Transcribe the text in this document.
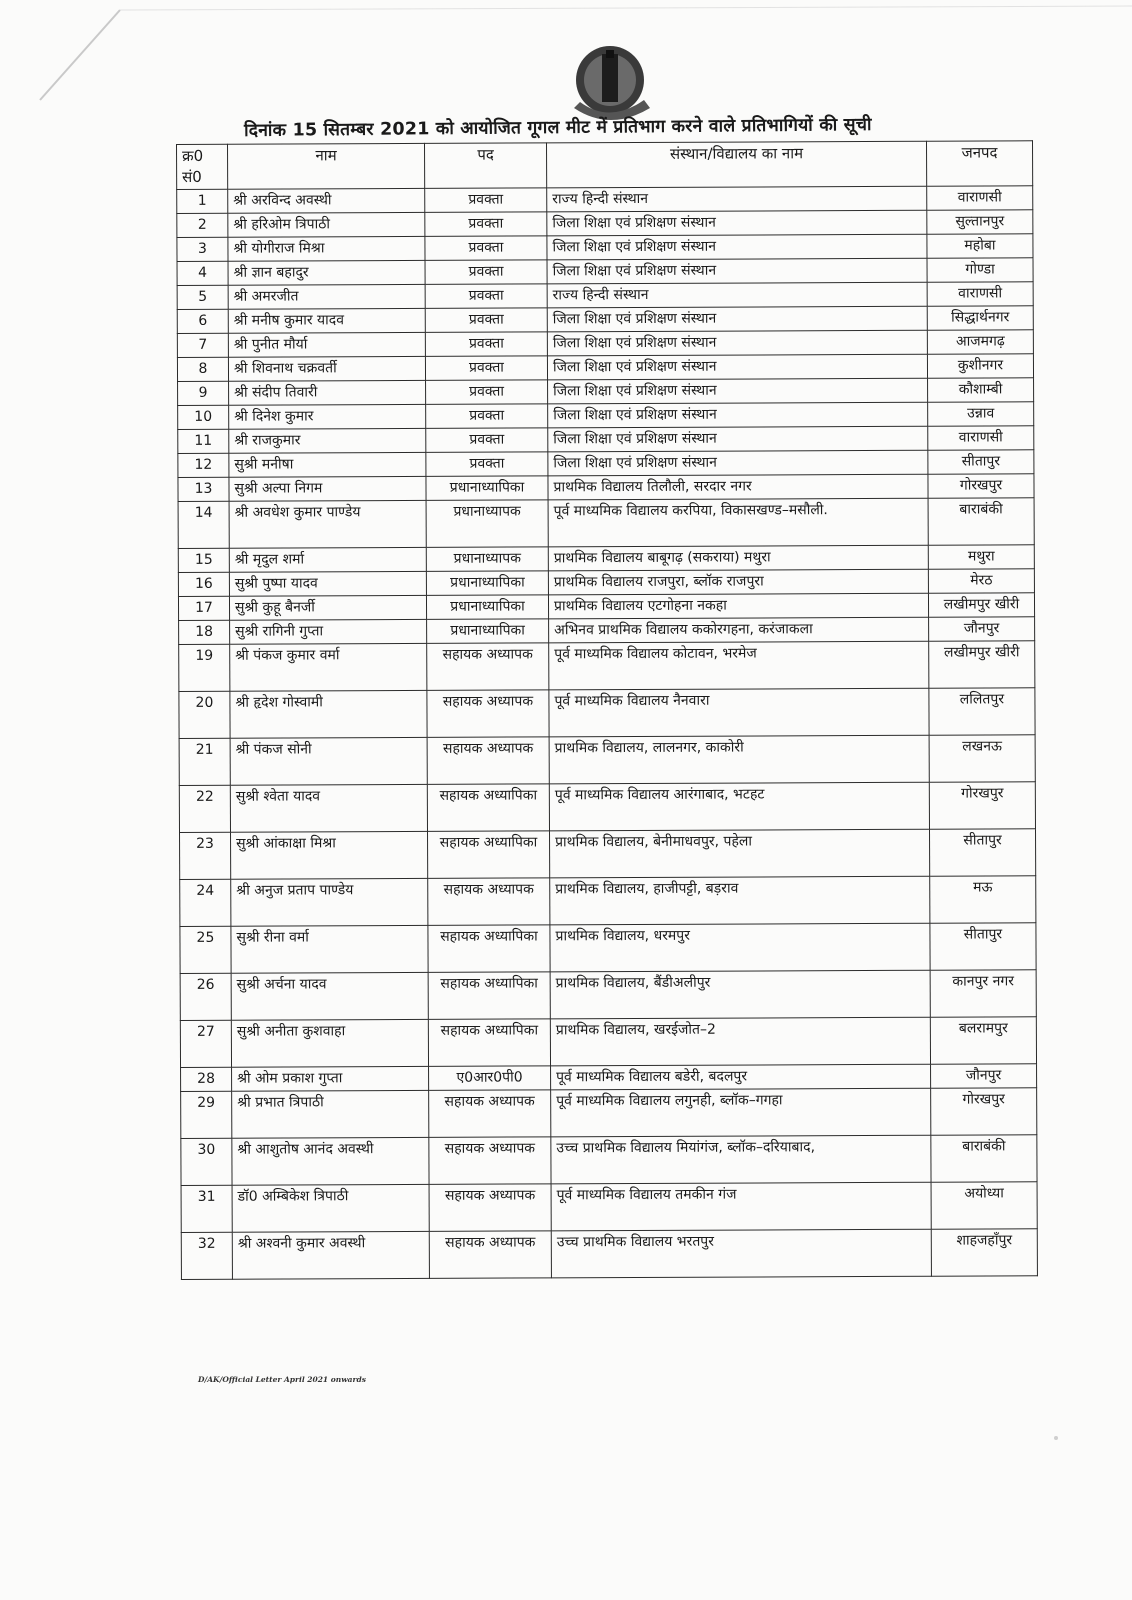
दिनांक 15 सितम्बर 2021 को आयोजित गूगल मीट में प्रतिभाग करने वाले प्रतिभागियों की सूची
क्र0 सं0	नाम	पद	संस्थान/विद्यालय का नाम	जनपद
1	श्री अरविन्द अवस्थी	प्रवक्ता	राज्य हिन्दी संस्थान	वाराणसी
2	श्री हरिओम त्रिपाठी	प्रवक्ता	जिला शिक्षा एवं प्रशिक्षण संस्थान	सुल्तानपुर
3	श्री योगीराज मिश्रा	प्रवक्ता	जिला शिक्षा एवं प्रशिक्षण संस्थान	महोबा
4	श्री ज्ञान बहादुर	प्रवक्ता	जिला शिक्षा एवं प्रशिक्षण संस्थान	गोण्डा
5	श्री अमरजीत	प्रवक्ता	राज्य हिन्दी संस्थान	वाराणसी
6	श्री मनीष कुमार यादव	प्रवक्ता	जिला शिक्षा एवं प्रशिक्षण संस्थान	सिद्धार्थनगर
7	श्री पुनीत मौर्या	प्रवक्ता	जिला शिक्षा एवं प्रशिक्षण संस्थान	आजमगढ़
8	श्री शिवनाथ चक्रवर्ती	प्रवक्ता	जिला शिक्षा एवं प्रशिक्षण संस्थान	कुशीनगर
9	श्री संदीप तिवारी	प्रवक्ता	जिला शिक्षा एवं प्रशिक्षण संस्थान	कौशाम्बी
10	श्री दिनेश कुमार	प्रवक्ता	जिला शिक्षा एवं प्रशिक्षण संस्थान	उन्नाव
11	श्री राजकुमार	प्रवक्ता	जिला शिक्षा एवं प्रशिक्षण संस्थान	वाराणसी
12	सुश्री मनीषा	प्रवक्ता	जिला शिक्षा एवं प्रशिक्षण संस्थान	सीतापुर
13	सुश्री अल्पा निगम	प्रधानाध्यापिका	प्राथमिक विद्यालय तिलौली, सरदार नगर	गोरखपुर
14	श्री अवधेश कुमार पाण्डेय	प्रधानाध्यापक	पूर्व माध्यमिक विद्यालय करपिया, विकासखण्ड–मसौली.	बाराबंकी
15	श्री मृदुल शर्मा	प्रधानाध्यापक	प्राथमिक विद्यालय बाबूगढ़ (सकराया) मथुरा	मथुरा
16	सुश्री पुष्पा यादव	प्रधानाध्यापिका	प्राथमिक विद्यालय राजपुरा, ब्लॉक राजपुरा	मेरठ
17	सुश्री कुहू बैनर्जी	प्रधानाध्यापिका	प्राथमिक विद्यालय एटगोहना नकहा	लखीमपुर खीरी
18	सुश्री रागिनी गुप्ता	प्रधानाध्यापिका	अभिनव प्राथमिक विद्यालय ककोरगहना, करंजाकला	जौनपुर
19	श्री पंकज कुमार वर्मा	सहायक अध्यापक	पूर्व माध्यमिक विद्यालय कोटावन, भरमेज	लखीमपुर खीरी
20	श्री हृदेश गोस्वामी	सहायक अध्यापक	पूर्व माध्यमिक विद्यालय नैनवारा	ललितपुर
21	श्री पंकज सोनी	सहायक अध्यापक	प्राथमिक विद्यालय, लालनगर, काकोरी	लखनऊ
22	सुश्री श्वेता यादव	सहायक अध्यापिका	पूर्व माध्यमिक विद्यालय आरंगाबाद, भटहट	गोरखपुर
23	सुश्री आंकाक्षा मिश्रा	सहायक अध्यापिका	प्राथमिक विद्यालय, बेनीमाधवपुर, पहेला	सीतापुर
24	श्री अनुज प्रताप पाण्डेय	सहायक अध्यापक	प्राथमिक विद्यालय, हाजीपट्टी, बड़राव	मऊ
25	सुश्री रीना वर्मा	सहायक अध्यापिका	प्राथमिक विद्यालय, धरमपुर	सीतापुर
26	सुश्री अर्चना यादव	सहायक अध्यापिका	प्राथमिक विद्यालय, बैंडीअलीपुर	कानपुर नगर
27	सुश्री अनीता कुशवाहा	सहायक अध्यापिका	प्राथमिक विद्यालय, खरईजोत–2	बलरामपुर
28	श्री ओम प्रकाश गुप्ता	ए0आर0पी0	पूर्व माध्यमिक विद्यालय बडेरी, बदलपुर	जौनपुर
29	श्री प्रभात त्रिपाठी	सहायक अध्यापक	पूर्व माध्यमिक विद्यालय लगुनही, ब्लॉक–गगहा	गोरखपुर
30	श्री आशुतोष आनंद अवस्थी	सहायक अध्यापक	उच्च प्राथमिक विद्यालय मियांगंज, ब्लॉक–दरियाबाद,	बाराबंकी
31	डॉ0 अम्बिकेश त्रिपाठी	सहायक अध्यापक	पूर्व माध्यमिक विद्यालय तमकीन गंज	अयोध्या
32	श्री अश्वनी कुमार अवस्थी	सहायक अध्यापक	उच्च प्राथमिक विद्यालय भरतपुर	शाहजहाँपुर
D/AK/Official Letter April 2021 onwards
